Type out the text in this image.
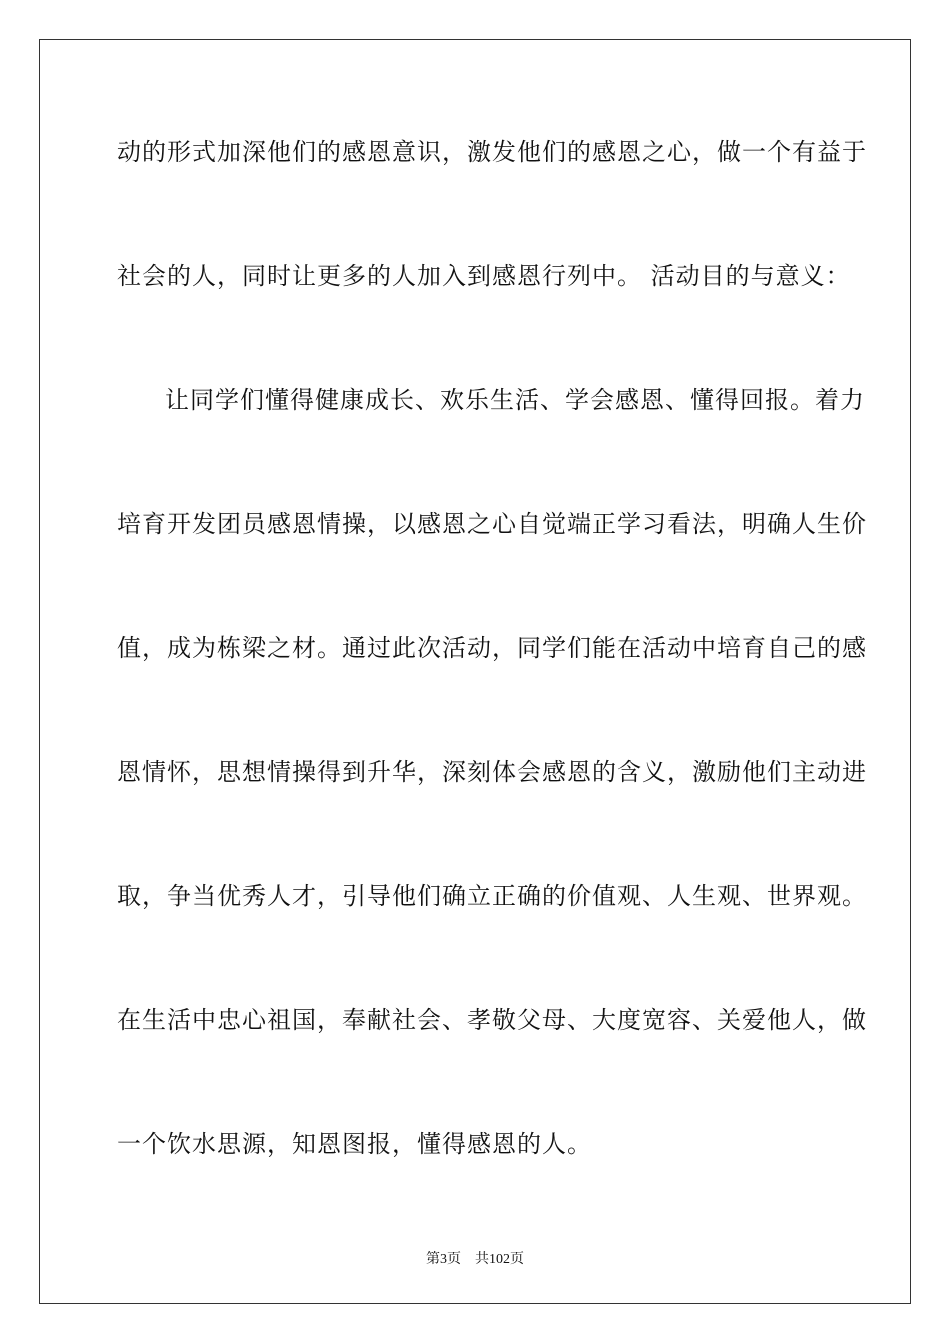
动的形式加深他们的感恩意识，激发他们的感恩之心，做一个有益于
社会的人，同时让更多的人加入到感恩行列中。 活动目的与意义：
让同学们懂得健康成长、欢乐生活、学会感恩、懂得回报。着力
培育开发团员感恩情操，以感恩之心自觉端正学习看法，明确人生价
值，成为栋梁之材。通过此次活动，同学们能在活动中培育自己的感
恩情怀，思想情操得到升华，深刻体会感恩的含义，激励他们主动进
取，争当优秀人才，引导他们确立正确的价值观、人生观、世界观。
在生活中忠心祖国，奉献社会、孝敬父母、大度宽容、关爱他人，做
一个饮水思源，知恩图报，懂得感恩的人。
第3页 共102页
